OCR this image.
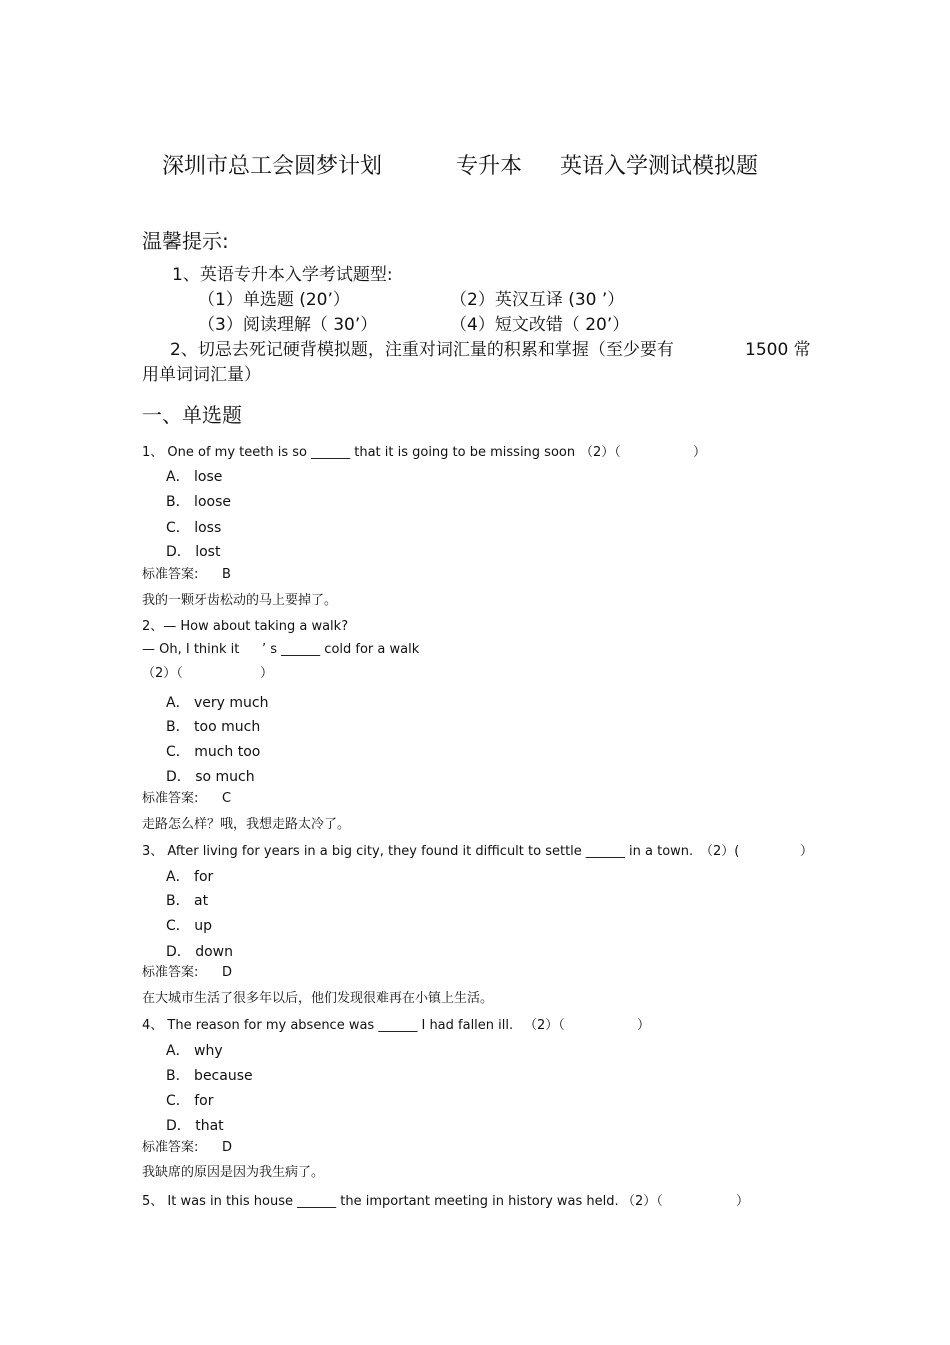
深圳市总工会圆梦计划	专升本 英语入学测试模拟题
温馨提示:
1、英语专升本入学考试题型:
（1）单选题 (20’）	（2）英汉互译 (30 ’）
（3）阅读理解（ 30’）	（4）短文改错（ 20’）
2、切忌去死记硬背模拟题，注重对词汇量的积累和掌握（至少要有	1500 常
用单词词汇量）
一、单选题
1、 One of my teeth is so ______ that it is going to be missing soon （2）（	）
A． lose
B． loose
C． loss
D． lost
标准答案: B
我的一颗牙齿松动的马上要掉了。
2、— How about taking a walk?
— Oh, I think it ’ s ______ cold for a walk
（2）（	）
A． very much
B． too much
C． much too
D． so much
标准答案: C
走路怎么样？哦，我想走路太冷了。
3、 After living for years in a big city, they found it difficult to settle ______ in a town. （2）(	）
A． for
B． at
C． up
D． down
标准答案: D
在大城市生活了很多年以后，他们发现很难再在小镇上生活。
4、 The reason for my absence was ______ I had fallen ill. （2）（	）
A． why
B． because
C． for
D． that
标准答案: D
我缺席的原因是因为我生病了。
5、 It was in this house ______ the important meeting in history was held. （2）（	）
